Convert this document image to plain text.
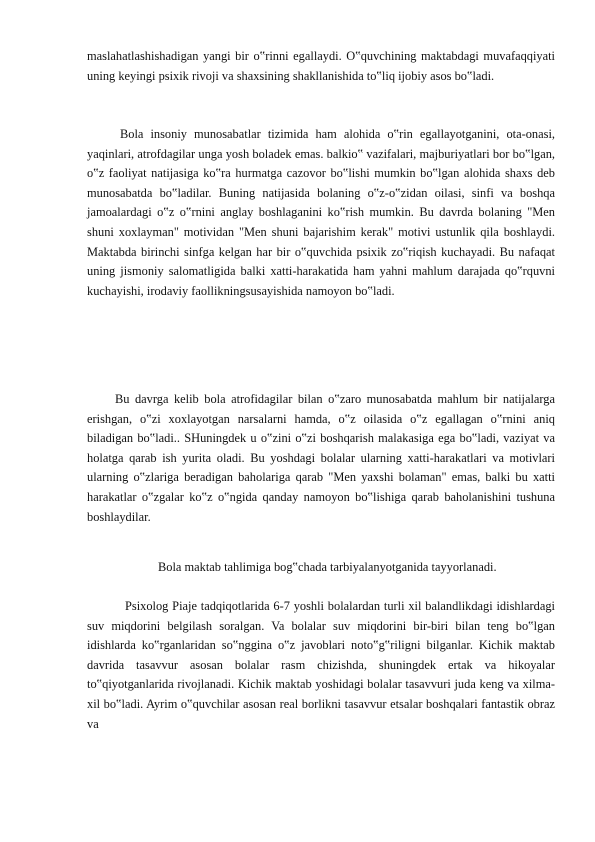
maslahatlashishadigan yangi bir o‟rinni egallaydi. O‟quvchining maktabdagi muvafaqqiyati uning keyingi psixik rivoji va shaxsining shakllanishida to‟liq ijobiy asos bo‟ladi.

Bola insoniy munosabatlar tizimida ham alohida o‟rin egallayotganini, ota-onasi, yaqinlari, atrofdagilar unga yosh boladek emas. balkio‟ vazifalari, majburiyatlari bor bo‟lgan, o‟z faoliyat natijasiga ko‟ra hurmatga cazovor bo‟lishi mumkin bo‟lgan alohida shaxs deb munosabatda bo‟ladilar. Buning natijasida bolaning o‟z-o‟zidan oilasi, sinfi va boshqa jamoalardagi o‟z o‟rnini anglay boshlaganini ko‟rish mumkin. Bu davrda bolaning "Men shuni xoxlayman" motividan "Men shuni bajarishim kerak" motivi ustunlik qila boshlaydi. Maktabda birinchi sinfga kelgan har bir o‟quvchida psixik zo‟riqish kuchayadi. Bu nafaqat uning jismoniy salomatligida balki xatti-harakatida ham yahni mahlum darajada qo‟rquvni kuchayishi, irodaviy faollikningsusayishida namoyon bo‟ladi.

Bu davrga kelib bola atrofidagilar bilan o‟zaro munosabatda mahlum bir natijalarga erishgan, o‟zi xoxlayotgan narsalarni hamda, o‟z oilasida o‟z egallagan o‟rnini aniq biladigan bo‟ladi.. SHuningdek u o‟zini o‟zi boshqarish malakasiga ega bo‟ladi, vaziyat va holatga qarab ish yurita oladi. Bu yoshdagi bolalar ularning xatti-harakatlari va motivlari ularning o‟zlariga beradigan baholariga qarab "Men yaxshi bolaman" emas, balki bu xatti harakatlar o‟zgalar ko‟z o‟ngida qanday namoyon bo‟lishiga qarab baholanishini tushuna boshlaydilar.

Bola maktab tahlimiga bog‟chada tarbiyalanyotganida tayyorlanadi.

Psixolog Piaje tadqiqotlarida 6-7 yoshli bolalardan turli xil balandlikdagi idishlardagi suv miqdorini belgilash soralgan. Va bolalar suv miqdorini bir-biri bilan teng bo‟lgan idishlarda ko‟rganlaridan so‟nggina o‟z javoblari noto‟g‟riligni bilganlar. Kichik maktab davrida tasavvur asosan bolalar rasm chizishda, shuningdek ertak va hikoyalar to‟qiyotganlarida rivojlanadi. Kichik maktab yoshidagi bolalar tasavvuri juda keng va xilma-xil bo‟ladi. Ayrim o‟quvchilar asosan real borlikni tasavvur etsalar boshqalari fantastik obraz va
